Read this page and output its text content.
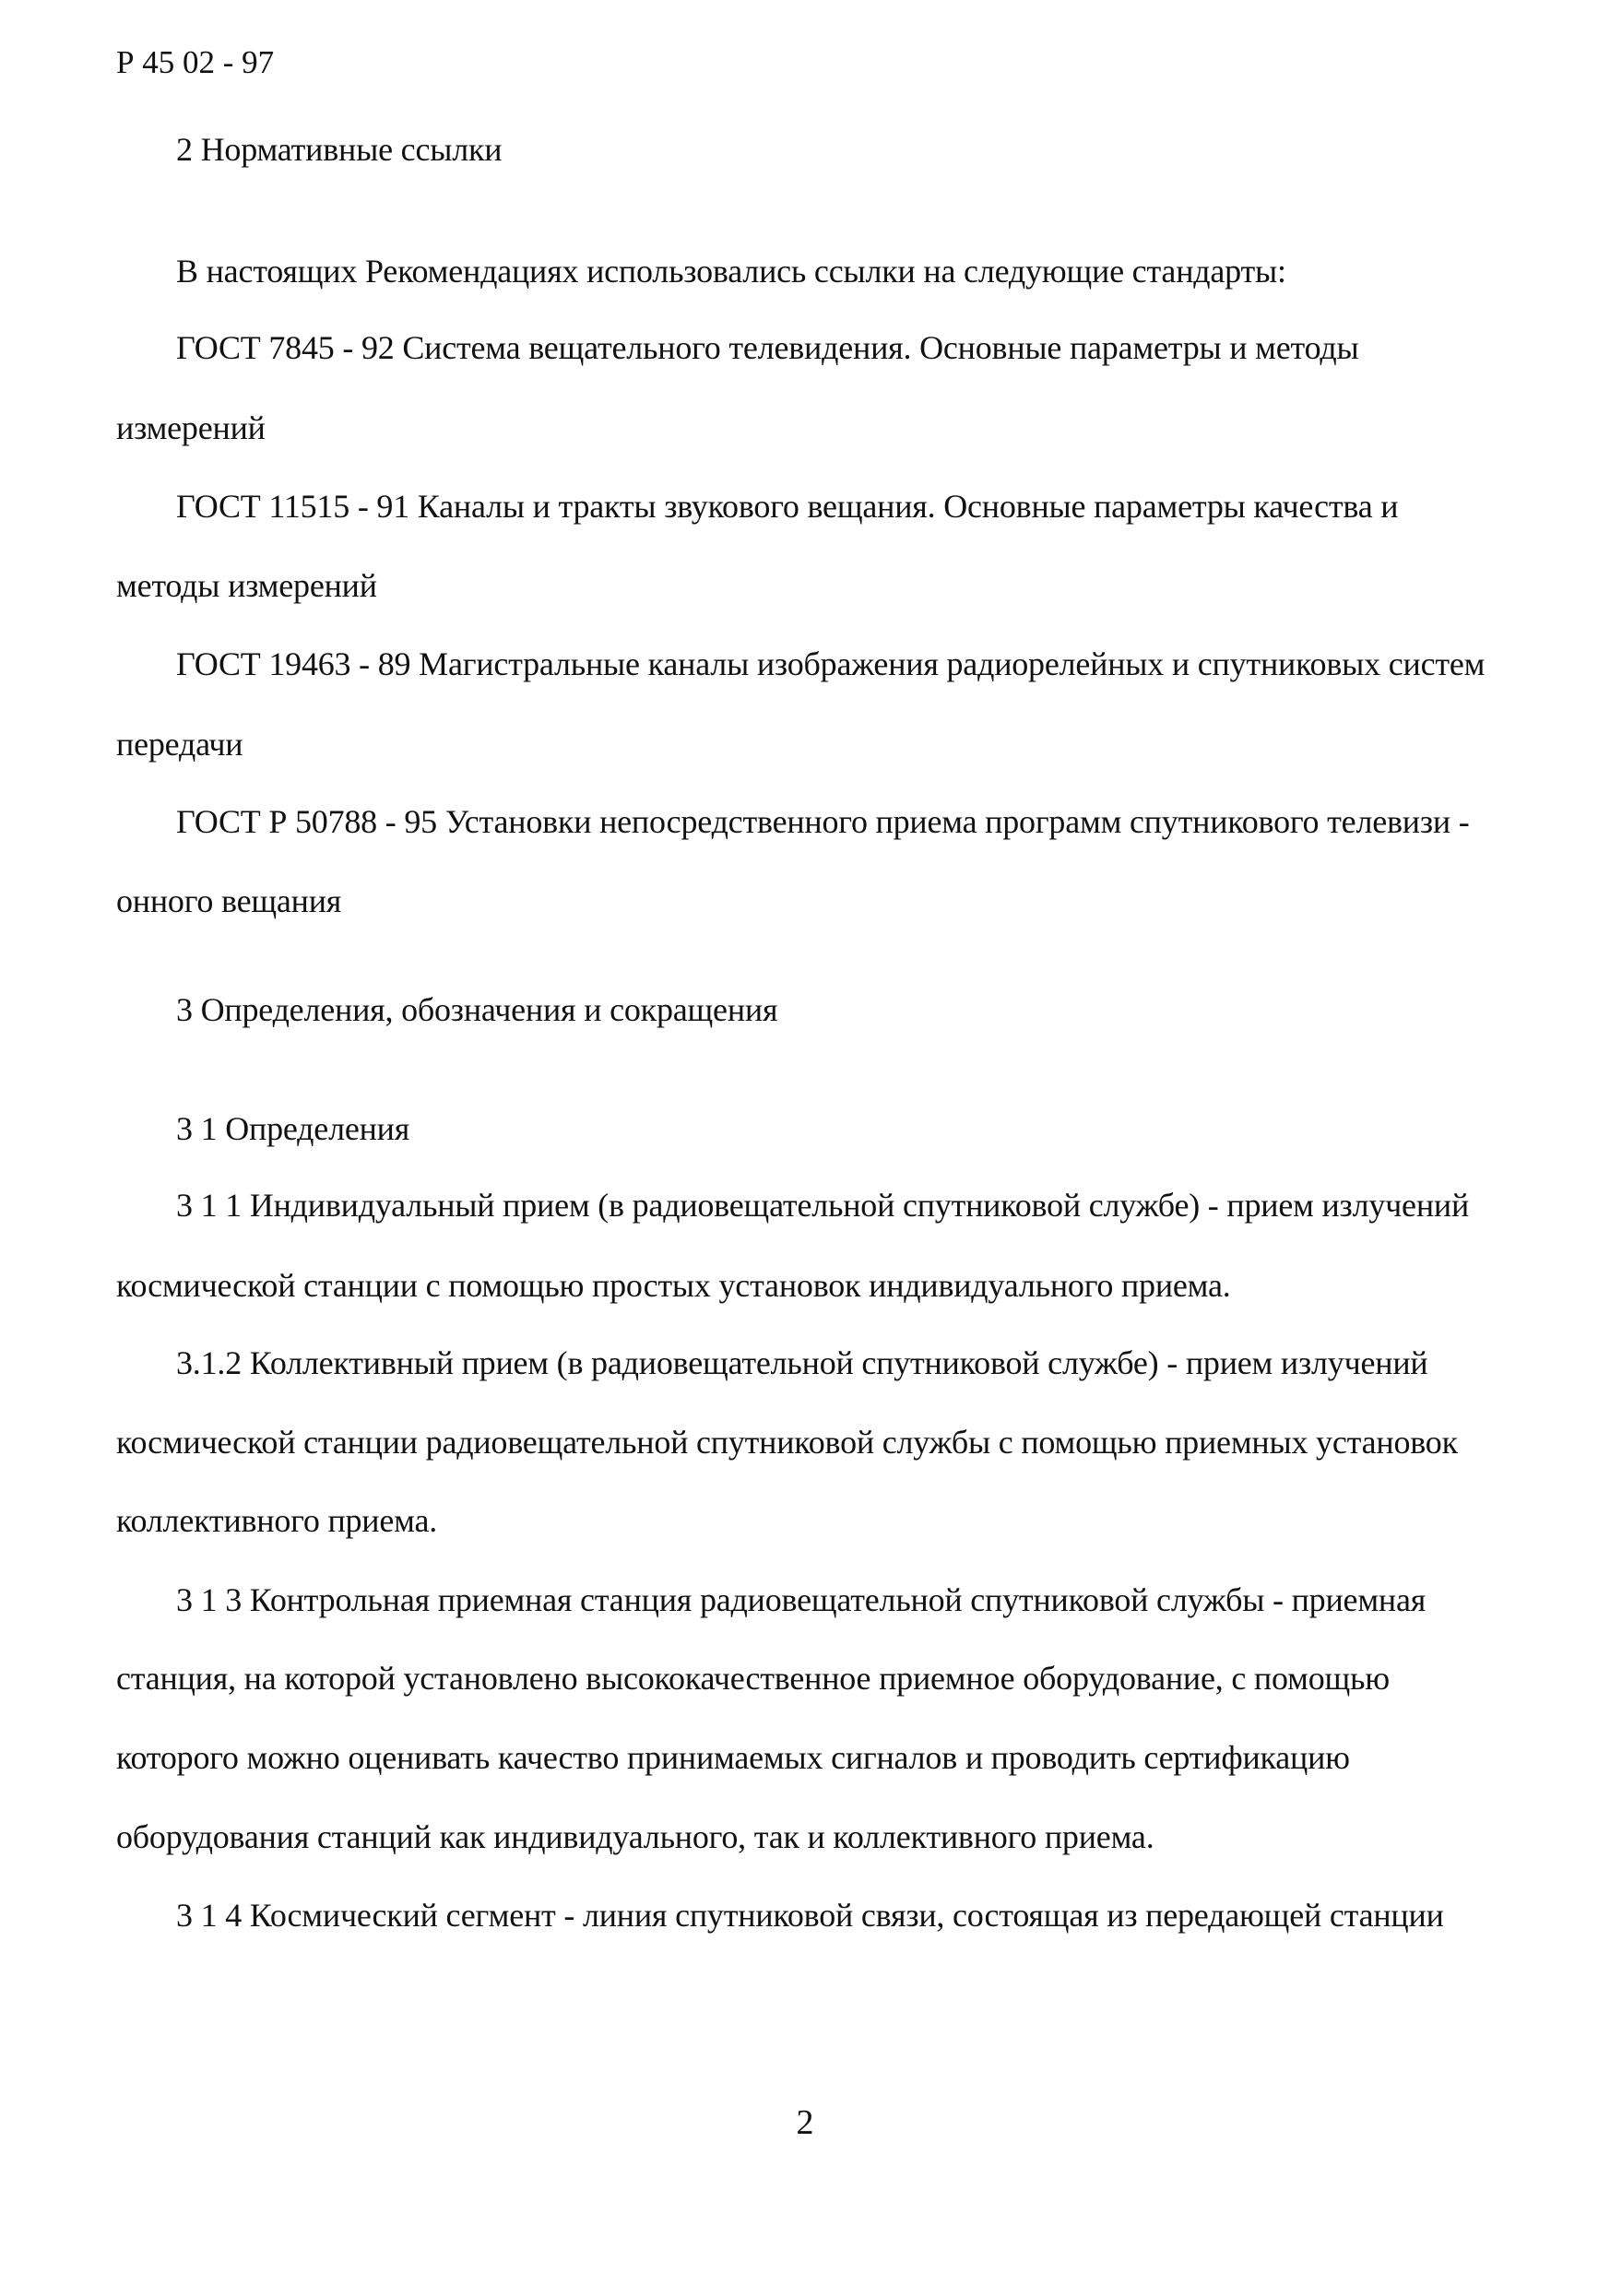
Р 45 02 - 97

2 Нормативные ссылки

В настоящих Рекомендациях использовались ссылки на следующие стандарты:

ГОСТ 7845 - 92 Система вещательного телевидения. Основные параметры и методы

измерений

ГОСТ 11515 - 91 Каналы и тракты звукового вещания. Основные параметры качества и

методы измерений

ГОСТ 19463 - 89 Магистральные каналы изображения радиорелейных и спутниковых систем

передачи

ГОСТ Р 50788 - 95 Установки непосредственного приема программ спутникового телевизи -

онного вещания

3 Определения, обозначения и сокращения

3 1 Определения

3 1 1 Индивидуальный прием (в радиовещательной спутниковой службе) - прием излучений

космической станции с помощью простых установок индивидуального приема.

3.1.2 Коллективный прием (в радиовещательной спутниковой службе) - прием излучений

космической станции радиовещательной спутниковой службы с помощью приемных установок

коллективного приема.

3 1 3 Контрольная приемная станция радиовещательной спутниковой службы - приемная

станция, на которой установлено высококачественное приемное оборудование, с помощью

которого можно оценивать качество принимаемых сигналов и проводить сертификацию

оборудования станций как индивидуального, так и коллективного приема.

3 1 4 Космический сегмент - линия спутниковой связи, состоящая из передающей станции

2
